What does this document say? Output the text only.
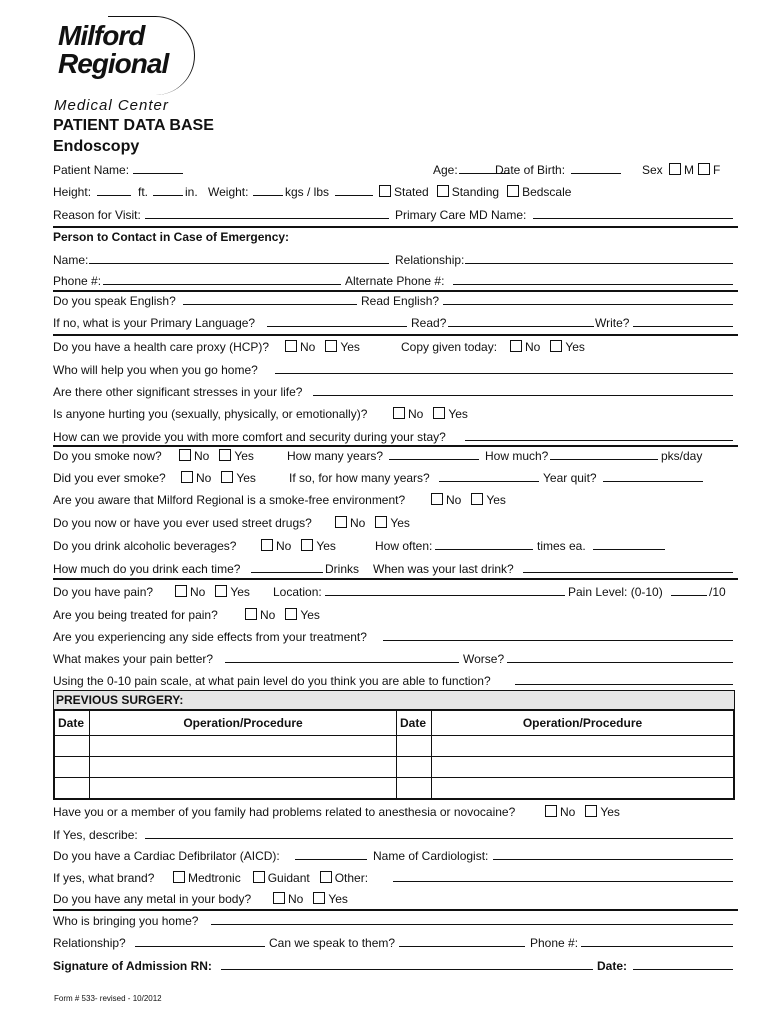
Milford
Regional
Medical Center
PATIENT DATA BASE
Endoscopy
Patient Name:	Age:	Date of Birth:	Sex	M F
Height:	ft.	in. Weight:	kgs / lbs	Stated Standing Bedscale
Reason for Visit:	Primary Care MD Name:
Person to Contact in Case of Emergency:
Name:	Relationship:
Phone #:	Alternate Phone #:
Do you speak English?	Read English?
If no, what is your Primary Language?	Read?	Write?
Do you have a health care proxy (HCP)?	No Yes	Copy given today:	No Yes
Who will help you when you go home?
Are there other significant stresses in your life?
Is anyone hurting you (sexually, physically, or emotionally)?	No Yes
How can we provide you with more comfort and security during your stay?
Do you smoke now?	No Yes	How many years?	How much?	pks/day
Did you ever smoke?	No Yes	If so, for how many years?	Year quit?
Are you aware that Milford Regional is a smoke-free environment?	No Yes
Do you now or have you ever used street drugs?	No Yes
Do you drink alcoholic beverages?	No Yes	How often:	times ea.
How much do you drink each time?	Drinks When was your last drink?
Do you have pain?	No Yes Location:	Pain Level: (0-10)	/10
Are you being treated for pain?	No Yes
Are you experiencing any side effects from your treatment?
What makes your pain better?	Worse?
Using the 0-10 pain scale, at what pain level do you think you are able to function?
PREVIOUS SURGERY:
Date	Operation/Procedure	Date	Operation/Procedure

Have you or a member of you family had problems related to anesthesia or novocaine?	No Yes
If Yes, describe:
Do you have a Cardiac Defibrilator (AICD):	Name of Cardiologist:
If yes, what brand?	Medtronic Guidant Other:
Do you have any metal in your body?	No Yes
Who is bringing you home?
Relationship?	Can we speak to them?	Phone #:
Signature of Admission RN:	Date:
Form # 533- revised - 10/2012
